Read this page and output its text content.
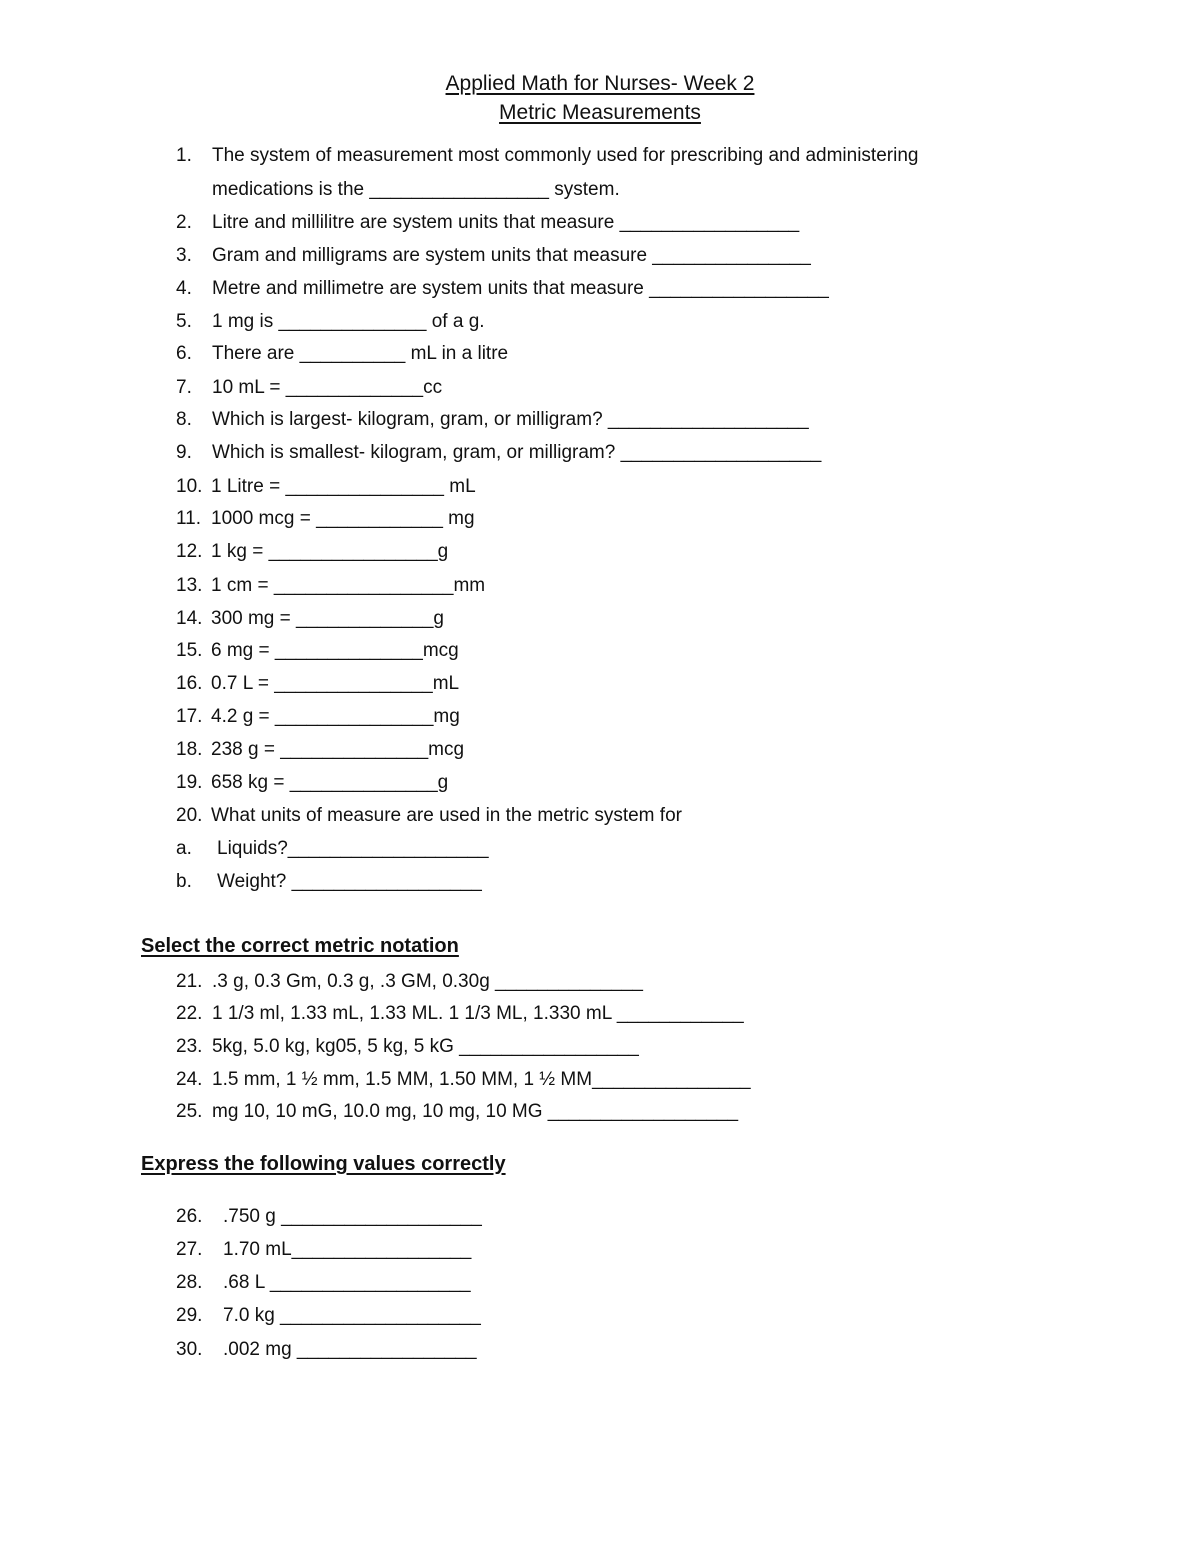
Applied Math for Nurses- Week 2
Metric Measurements
1. The system of measurement most commonly used for prescribing and administering
medications is the _________________ system.
2. Litre and millilitre are system units that measure _________________
3. Gram and milligrams are system units that measure _______________
4. Metre and millimetre are system units that measure _________________
5. 1 mg is ______________ of a g.
6. There are __________ mL in a litre
7. 10 mL = _____________cc
8. Which is largest- kilogram, gram, or milligram? ___________________
9. Which is smallest- kilogram, gram, or milligram? ___________________
10. 1 Litre = _______________ mL
11. 1000 mcg = ____________ mg
12. 1 kg = ________________g
13. 1 cm = _________________mm
14. 300 mg = _____________g
15. 6 mg = ______________mcg
16. 0.7 L = _______________mL
17. 4.2 g = _______________mg
18. 238 g = ______________mcg
19. 658 kg = ______________g
20. What units of measure are used in the metric system for
a. Liquids?___________________
b. Weight? __________________
Select the correct metric notation
21. .3 g, 0.3 Gm, 0.3 g, .3 GM, 0.30g ______________
22. 1 1/3 ml, 1.33 mL, 1.33 ML. 1 1/3 ML, 1.330 mL ____________
23. 5kg, 5.0 kg, kg05, 5 kg, 5 kG _________________
24. 1.5 mm, 1 ½ mm, 1.5 MM, 1.50 MM, 1 ½ MM_______________
25. mg 10, 10 mG, 10.0 mg, 10 mg, 10 MG __________________
Express the following values correctly
26. .750 g ___________________
27. 1.70 mL_________________
28. .68 L ___________________
29. 7.0 kg ___________________
30. .002 mg _________________
